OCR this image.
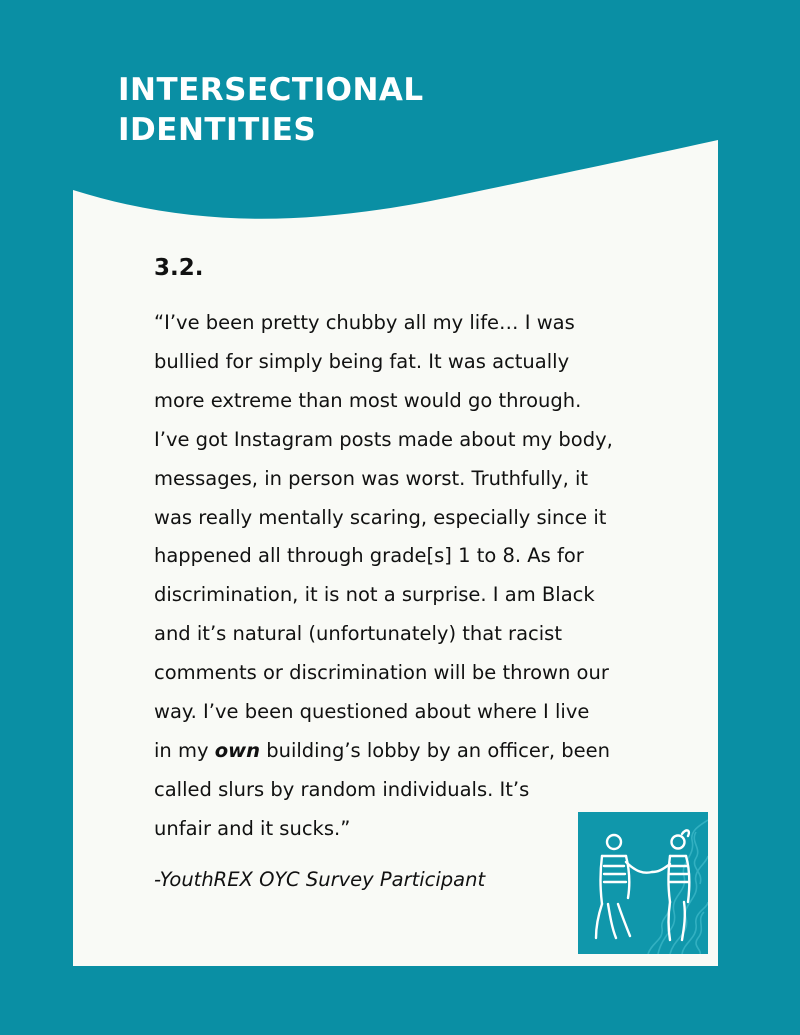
INTERSECTIONAL
IDENTITIES
3.2.
“I’ve been pretty chubby all my life… I was
bullied for simply being fat. It was actually
more extreme than most would go through.
I’ve got Instagram posts made about my body,
messages, in person was worst. Truthfully, it
was really mentally scaring, especially since it
happened all through grade[s] 1 to 8. As for
discrimination, it is not a surprise. I am Black
and it’s natural (unfortunately) that racist
comments or discrimination will be thrown our
way. I’ve been questioned about where I live
in my own building’s lobby by an officer, been
called slurs by random individuals. It’s
unfair and it sucks.”
-YouthREX OYC Survey Participant
